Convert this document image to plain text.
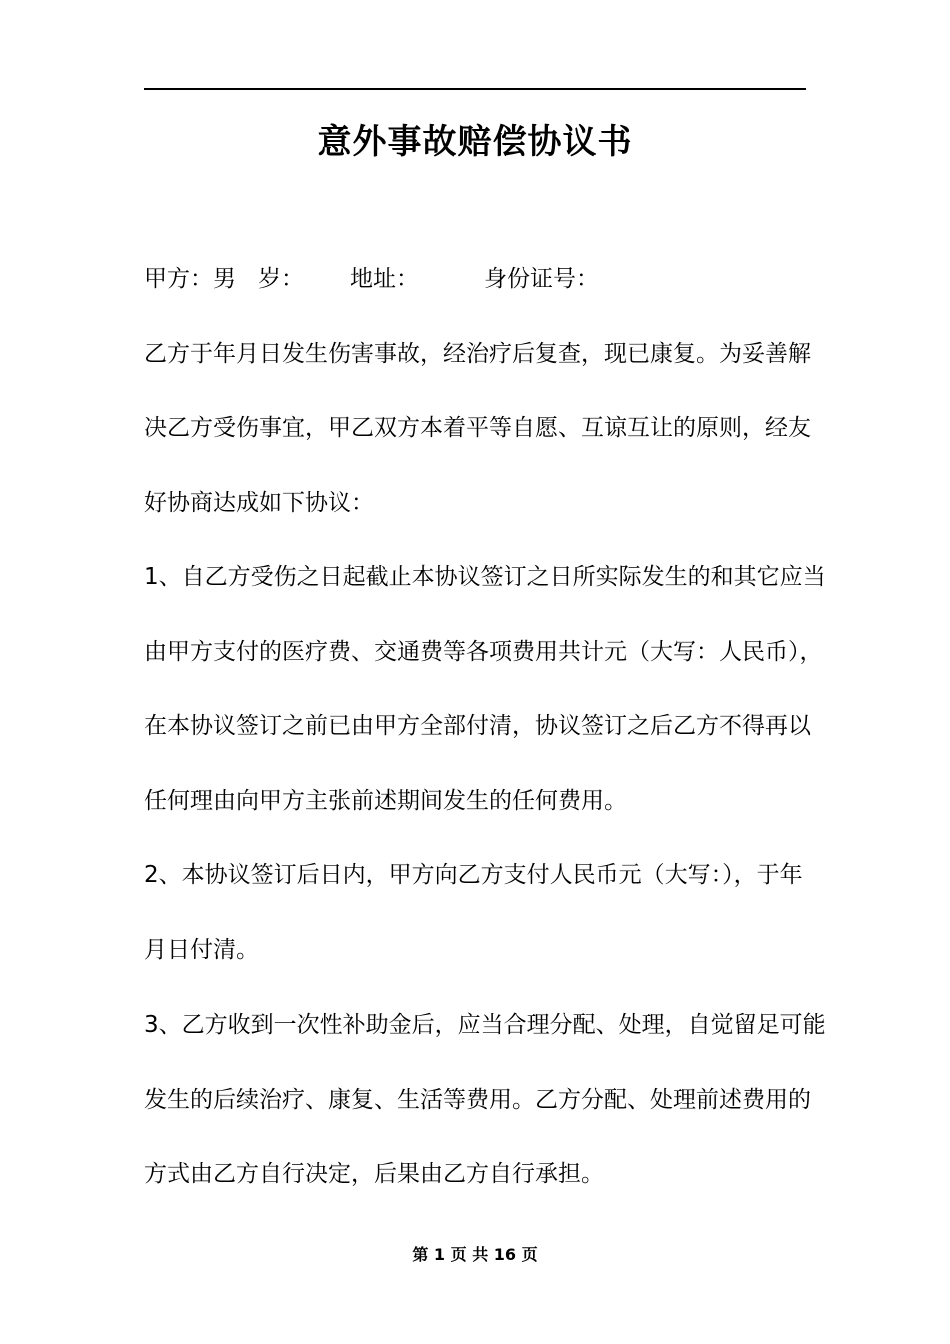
意外事故赔偿协议书
甲方：男 岁： 地址：	身份证号：
乙方于年月日发生伤害事故，经治疗后复查，现已康复。为妥善解
决乙方受伤事宜，甲乙双方本着平等自愿、互谅互让的原则，经友
好协商达成如下协议：
1、自乙方受伤之日起截止本协议签订之日所实际发生的和其它应当
由甲方支付的医疗费、交通费等各项费用共计元（大写：人民币），
在本协议签订之前已由甲方全部付清，协议签订之后乙方不得再以
任何理由向甲方主张前述期间发生的任何费用。
2、本协议签订后日内，甲方向乙方支付人民币元（大写：），于年
月日付清。
3、乙方收到一次性补助金后，应当合理分配、处理，自觉留足可能
发生的后续治疗、康复、生活等费用。乙方分配、处理前述费用的
方式由乙方自行决定，后果由乙方自行承担。
第 1 页 共 16 页
